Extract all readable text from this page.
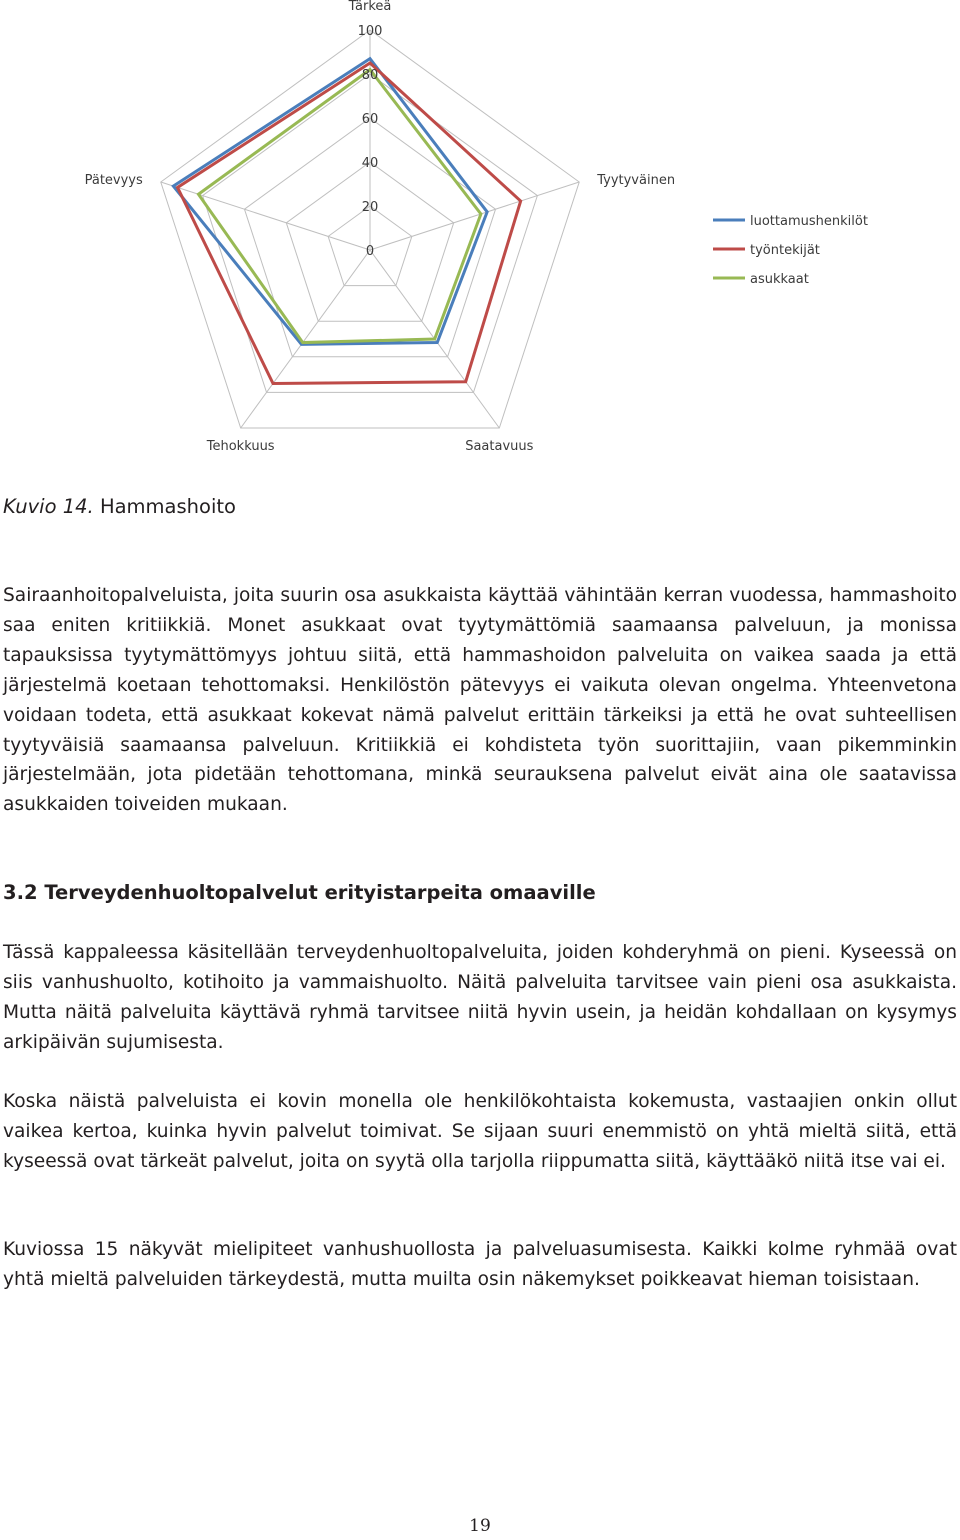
0
20
40
60
80
100
Tärkeä
Tyytyväinen
Saatavuus
Tehokkuus
Pätevyys
luottamushenkilöt
työntekijät
asukkaat

Kuvio 14. Hammashoito

Sairaanhoitopalveluista, joita suurin osa asukkaista käyttää vähintään kerran vuodessa, hammashoito saa eniten kritiikkiä. Monet asukkaat ovat tyytymättömiä saamaansa palveluun, ja monissa tapauksissa tyytymättömyys johtuu siitä, että hammashoidon palveluita on vaikea saada ja että järjestelmä koetaan tehottomaksi. Henkilöstön pätevyys ei vaikuta olevan ongelma. Yhteenvetona voidaan todeta, että asukkaat kokevat nämä palvelut erittäin tärkeiksi ja että he ovat suhteellisen tyytyväisiä saamaansa palveluun. Kritiikkiä ei kohdisteta työn suorittajiin, vaan pikemminkin järjestelmään, jota pidetään tehottomana, minkä seurauksena palvelut eivät aina ole saatavissa asukkaiden toiveiden mukaan.

3.2 Terveydenhuoltopalvelut erityistarpeita omaaville

Tässä kappaleessa käsitellään terveydenhuoltopalveluita, joiden kohderyhmä on pieni. Kyseessä on siis vanhushuolto, kotihoito ja vammaishuolto. Näitä palveluita tarvitsee vain pieni osa asukkaista. Mutta näitä palveluita käyttävä ryhmä tarvitsee niitä hyvin usein, ja heidän kohdallaan on kysymys arkipäivän sujumisesta.

Koska näistä palveluista ei kovin monella ole henkilökohtaista kokemusta, vastaajien onkin ollut vaikea kertoa, kuinka hyvin palvelut toimivat. Se sijaan suuri enemmistö on yhtä mieltä siitä, että kyseessä ovat tärkeät palvelut, joita on syytä olla tarjolla riippumatta siitä, käyttääkö niitä itse vai ei.

Kuviossa 15 näkyvät mielipiteet vanhushuollosta ja palveluasumisesta. Kaikki kolme ryhmää ovat yhtä mieltä palveluiden tärkeydestä, mutta muilta osin näkemykset poikkeavat hieman toisistaan.

19
